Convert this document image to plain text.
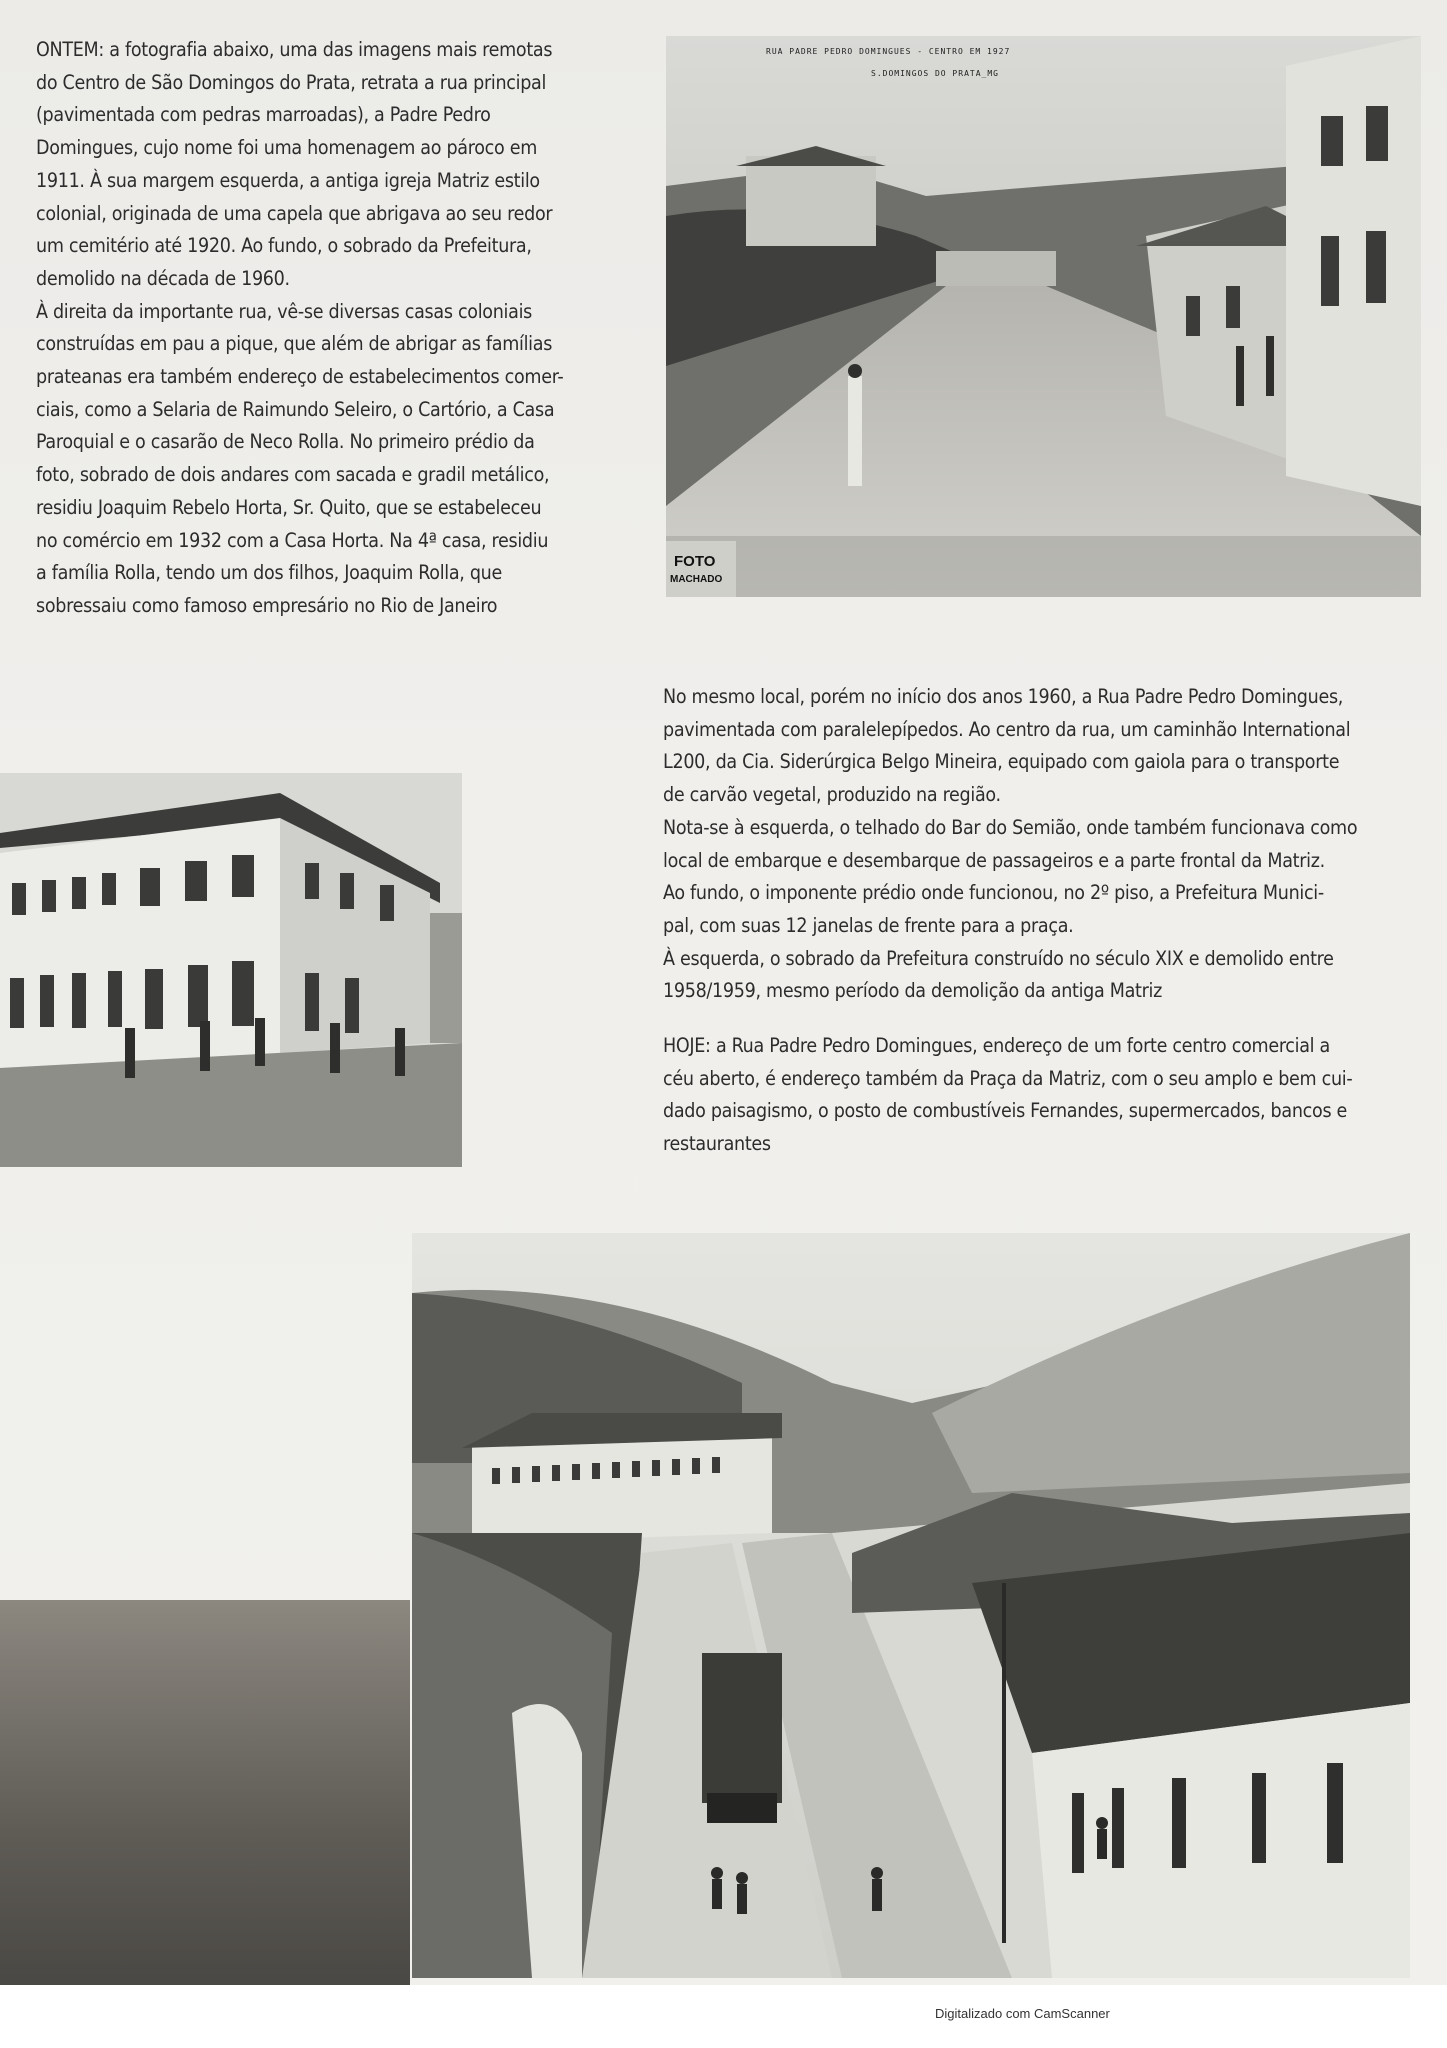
ONTEM: a fotografia abaixo, uma das imagens mais remotas

do Centro de São Domingos do Prata, retrata a rua principal

(pavimentada com pedras marroadas), a Padre Pedro

Domingues, cujo nome foi uma homenagem ao pároco em

1911. À sua margem esquerda, a antiga igreja Matriz estilo

colonial, originada de uma capela que abrigava ao seu redor

um cemitério até 1920. Ao fundo, o sobrado da Prefeitura,

demolido na década de 1960.

À direita da importante rua, vê-se diversas casas coloniais

construídas em pau a pique, que além de abrigar as famílias

prateanas era também endereço de estabelecimentos comer-

ciais, como a Selaria de Raimundo Seleiro, o Cartório, a Casa

Paroquial e o casarão de Neco Rolla. No primeiro prédio da

foto, sobrado de dois andares com sacada e gradil metálico,

residiu Joaquim Rebelo Horta, Sr. Quito, que se estabeleceu

no comércio em 1932 com a Casa Horta. Na 4ª casa, residiu

a família Rolla, tendo um dos filhos, Joaquim Rolla, que

sobressaiu como famoso empresário no Rio de Janeiro

RUA PADRE PEDRO DOMINGUES - CENTRO EM 1927
S.DOMINGOS DO PRATA_MG
FOTO
MACHADO

No mesmo local, porém no início dos anos 1960, a Rua Padre Pedro Domingues,

pavimentada com paralelepípedos. Ao centro da rua, um caminhão International

L200, da Cia. Siderúrgica Belgo Mineira, equipado com gaiola para o transporte

de carvão vegetal, produzido na região.

Nota-se à esquerda, o telhado do Bar do Semião, onde também funcionava como

local de embarque e desembarque de passageiros e a parte frontal da Matriz.

Ao fundo, o imponente prédio onde funcionou, no 2º piso, a Prefeitura Munici-

pal, com suas 12 janelas de frente para a praça.

À esquerda, o sobrado da Prefeitura construído no século XIX e demolido entre

1958/1959, mesmo período da demolição da antiga Matriz

HOJE: a Rua Padre Pedro Domingues, endereço de um forte centro comercial a

céu aberto, é endereço também da Praça da Matriz, com o seu amplo e bem cui-

dado paisagismo, o posto de combustíveis Fernandes, supermercados, bancos e

restaurantes

Digitalizado com CamScanner
